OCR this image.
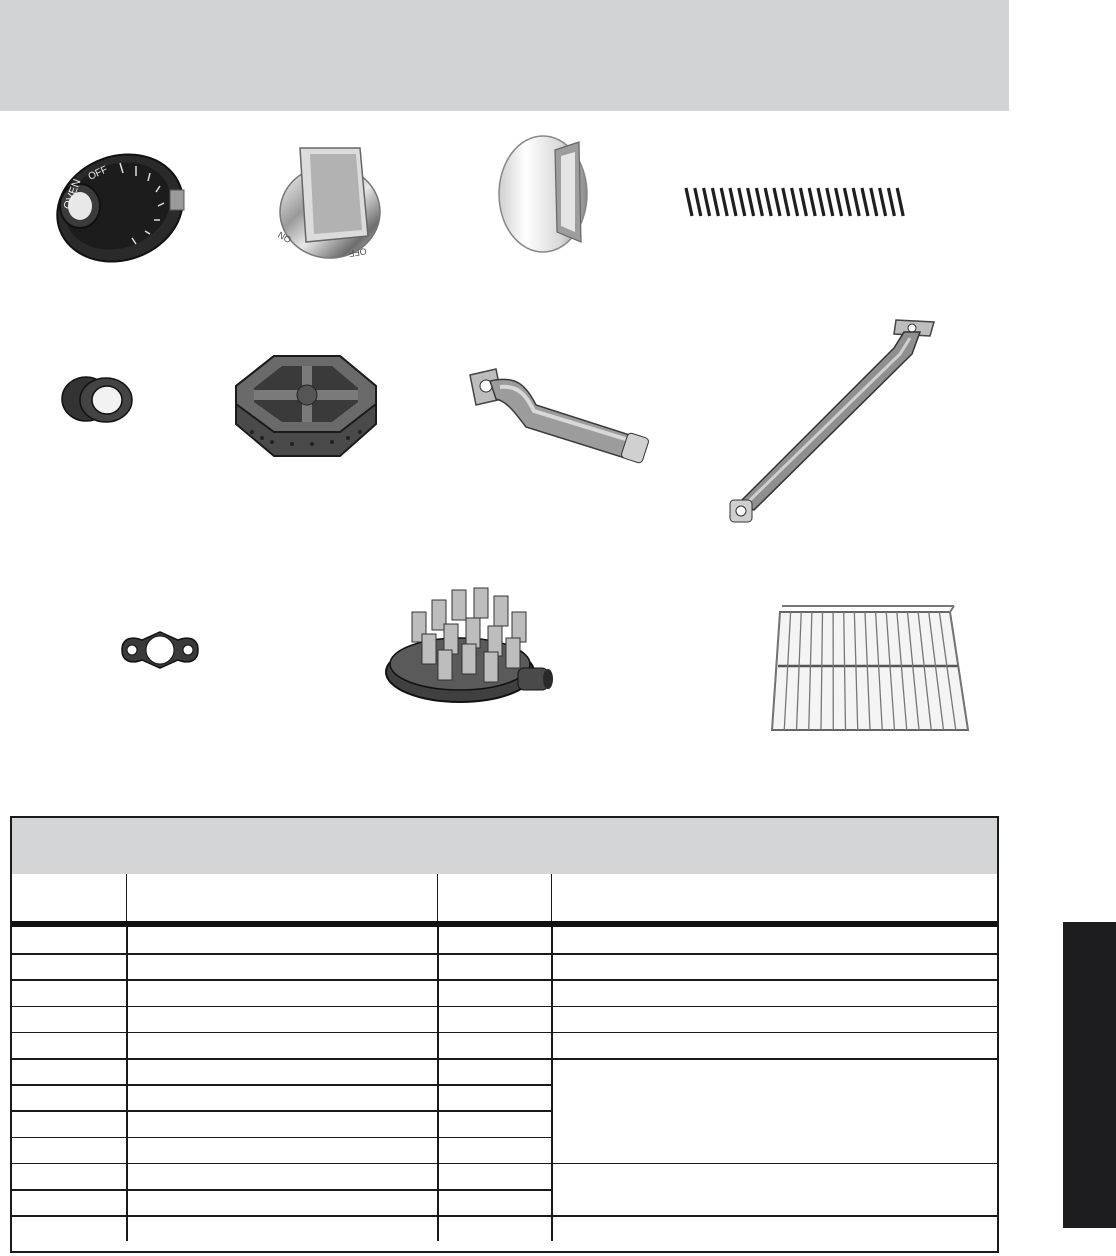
OFF
OVEN
ON
OFF
